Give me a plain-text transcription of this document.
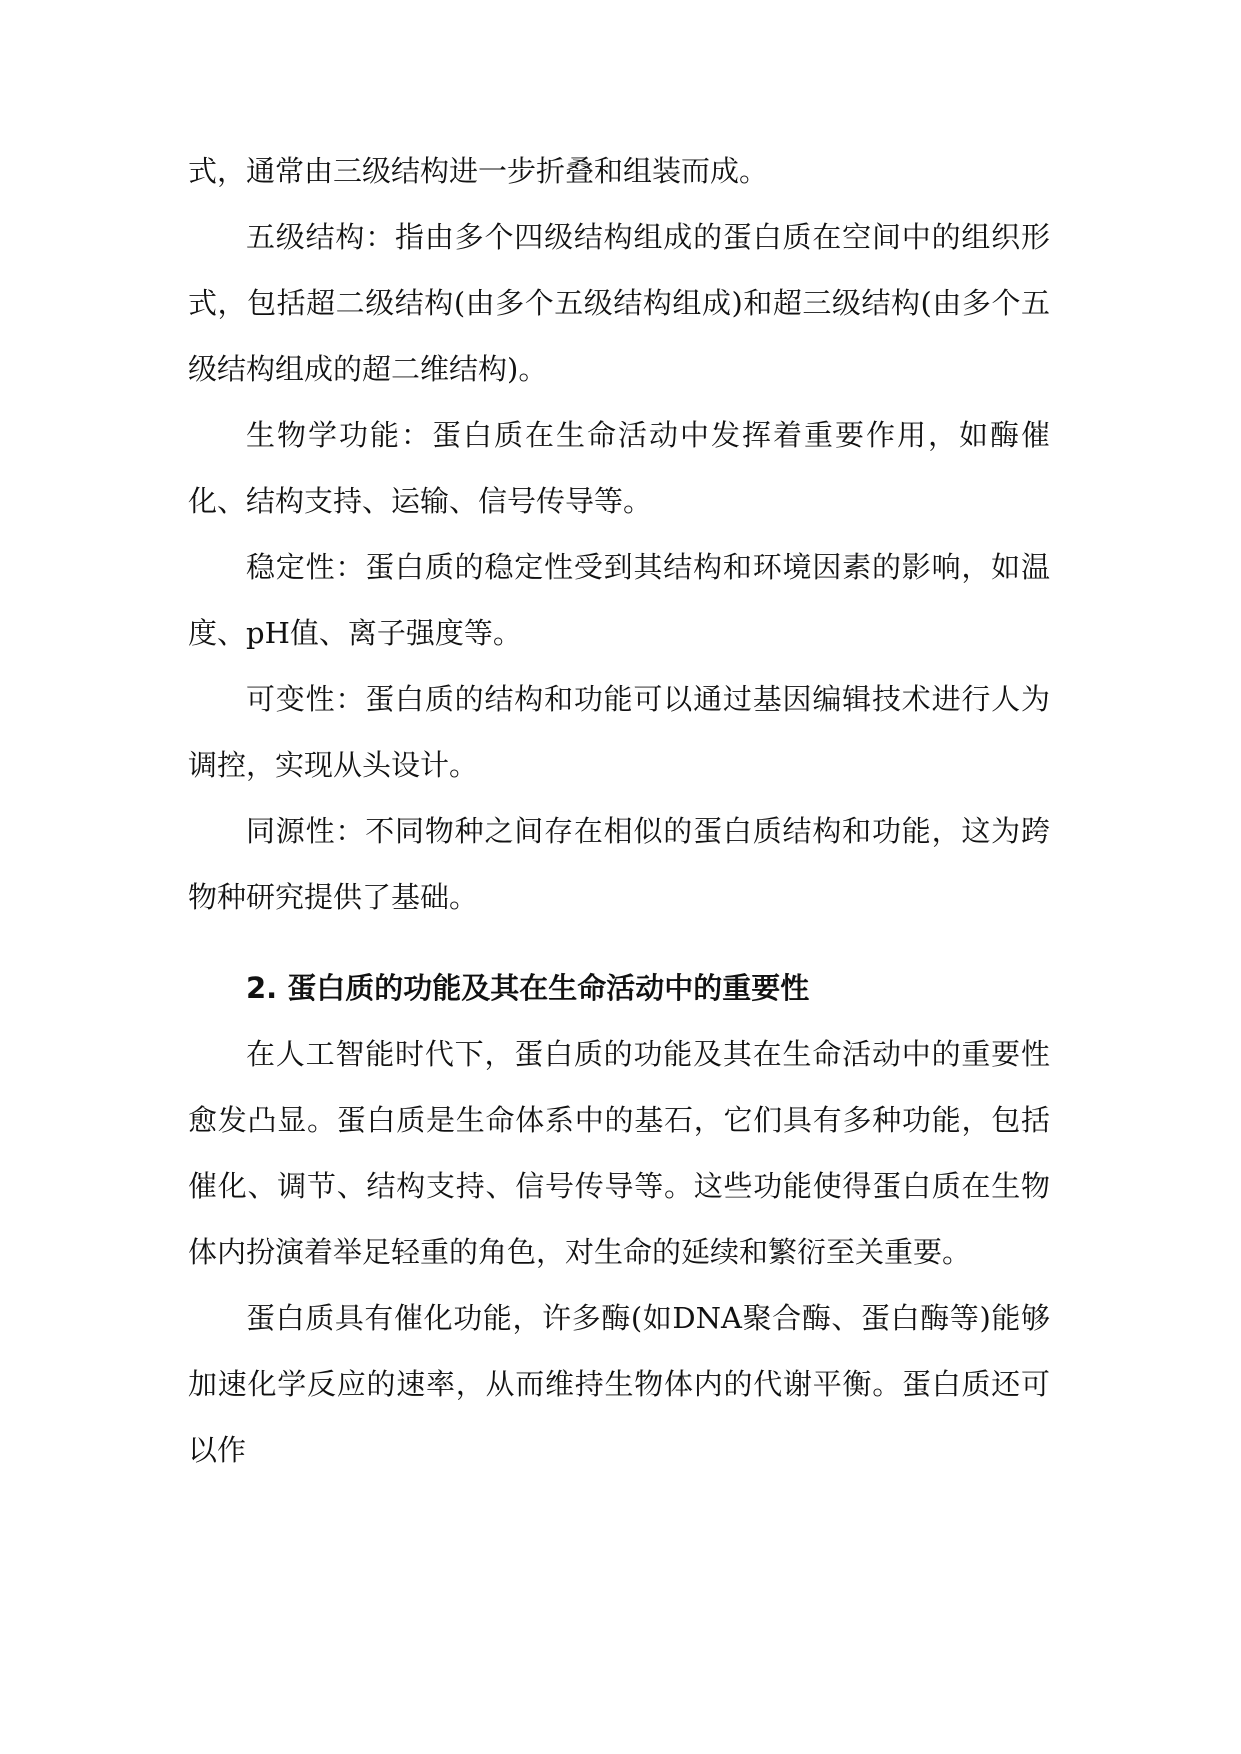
式，通常由三级结构进一步折叠和组装而成。

五级结构：指由多个四级结构组成的蛋白质在空间中的组织形式，包括超二级结构(由多个五级结构组成)和超三级结构(由多个五级结构组成的超二维结构)。

生物学功能：蛋白质在生命活动中发挥着重要作用，如酶催化、结构支持、运输、信号传导等。

稳定性：蛋白质的稳定性受到其结构和环境因素的影响，如温度、pH值、离子强度等。

可变性：蛋白质的结构和功能可以通过基因编辑技术进行人为调控，实现从头设计。

同源性：不同物种之间存在相似的蛋白质结构和功能，这为跨物种研究提供了基础。

2. 蛋白质的功能及其在生命活动中的重要性

在人工智能时代下，蛋白质的功能及其在生命活动中的重要性愈发凸显。蛋白质是生命体系中的基石，它们具有多种功能，包括催化、调节、结构支持、信号传导等。这些功能使得蛋白质在生物体内扮演着举足轻重的角色，对生命的延续和繁衍至关重要。

蛋白质具有催化功能，许多酶(如DNA聚合酶、蛋白酶等)能够加速化学反应的速率，从而维持生物体内的代谢平衡。蛋白质还可以作
